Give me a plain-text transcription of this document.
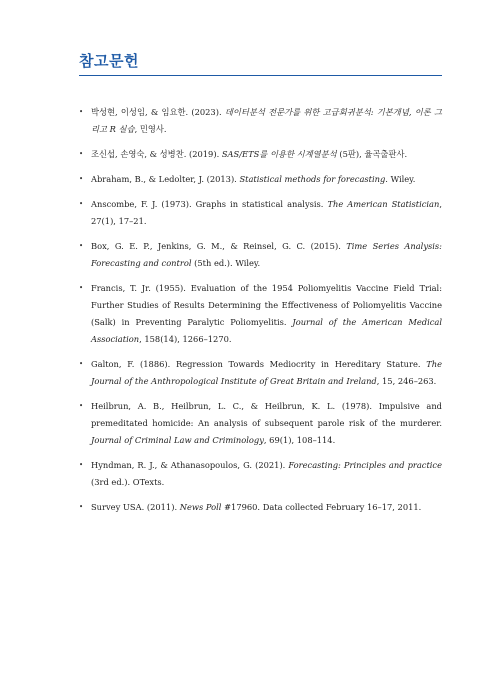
참고문헌
• 박성현, 이성임, & 임요한. (2023). 데이터분석 전문가를 위한 고급회귀분석: 기본개념, 이론 그리고 R 실습, 민영사.
• 조신섭, 손영숙, & 성병찬. (2019). SAS/ETS를 이용한 시계열분석 (5판), 율곡출판사.
• Abraham, B., & Ledolter, J. (2013). Statistical methods for forecasting. Wiley.
• Anscombe, F. J. (1973). Graphs in statistical analysis. The American Statistician, 27(1), 17–21.
• Box, G. E. P., Jenkins, G. M., & Reinsel, G. C. (2015). Time Series Analysis: Forecasting and control (5th ed.). Wiley.
• Francis, T. Jr. (1955). Evaluation of the 1954 Poliomyelitis Vaccine Field Trial: Further Studies of Results Determining the Effectiveness of Poliomyelitis Vaccine (Salk) in Preventing Paralytic Poliomyelitis. Journal of the American Medical Association, 158(14), 1266–1270.
• Galton, F. (1886). Regression Towards Mediocrity in Hereditary Stature. The Journal of the Anthropological Institute of Great Britain and Ireland, 15, 246–263.
• Heilbrun, A. B., Heilbrun, L. C., & Heilbrun, K. L. (1978). Impulsive and premeditated homicide: An analysis of subsequent parole risk of the murderer. Journal of Criminal Law and Criminology, 69(1), 108–114.
• Hyndman, R. J., & Athanasopoulos, G. (2021). Forecasting: Principles and practice (3rd ed.). OTexts.
• Survey USA. (2011). News Poll #17960. Data collected February 16–17, 2011.
